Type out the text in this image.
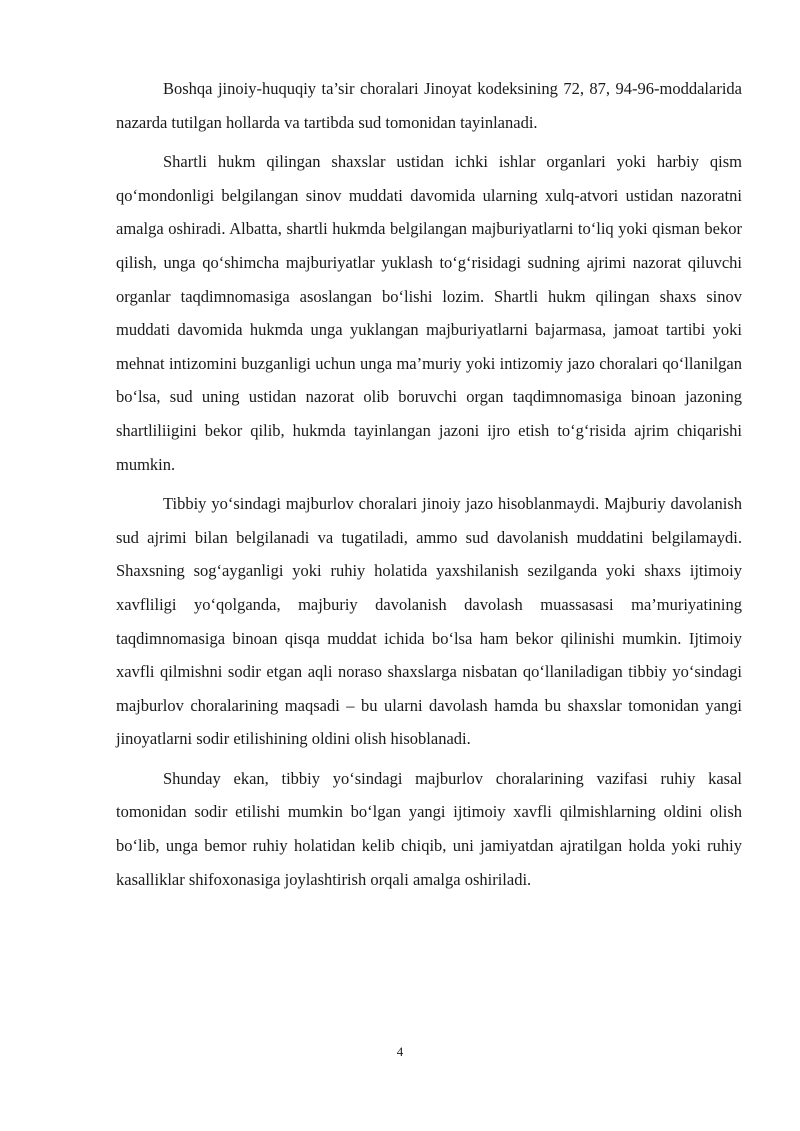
Boshqa jinoiy-huquqiy ta’sir choralari Jinoyat kodeksining 72, 87, 94-96-moddalarida nazarda tutilgan hollarda va tartibda sud tomonidan tayinlanadi.

Shartli hukm qilingan shaxslar ustidan ichki ishlar organlari yoki harbiy qism qo‘mondonligi belgilangan sinov muddati davomida ularning xulq-atvori ustidan nazoratni amalga oshiradi. Albatta, shartli hukmda belgilangan majburiyatlarni to‘liq yoki qisman bekor qilish, unga qo‘shimcha majburiyatlar yuklash to‘g‘risidagi sudning ajrimi nazorat qiluvchi organlar taqdimnomasiga asoslangan bo‘lishi lozim. Shartli hukm qilingan shaxs sinov muddati davomida hukmda unga yuklangan majburiyatlarni bajarmasa, jamoat tartibi yoki mehnat intizomini buzganligi uchun unga ma’muriy yoki intizomiy jazo choralari qo‘llanilgan bo‘lsa, sud uning ustidan nazorat olib boruvchi organ taqdimnomasiga binoan jazoning shartliliigini bekor qilib, hukmda tayinlangan jazoni ijro etish to‘g‘risida ajrim chiqarishi mumkin.

Tibbiy yo‘sindagi majburlov choralari jinoiy jazo hisoblanmaydi. Majburiy davolanish sud ajrimi bilan belgilanadi va tugatiladi, ammo sud davolanish muddatini belgilamaydi. Shaxsning sog‘ayganligi yoki ruhiy holatida yaxshilanish sezilganda yoki shaxs ijtimoiy xavfliligi yo‘qolganda, majburiy davolanish davolash muassasasi ma’muriyatining taqdimnomasiga binoan qisqa muddat ichida bo‘lsa ham bekor qilinishi mumkin. Ijtimoiy xavfli qilmishni sodir etgan aqli noraso shaxslarga nisbatan qo‘llaniladigan tibbiy yo‘sindagi majburlov choralarining maqsadi – bu ularni davolash hamda bu shaxslar tomonidan yangi jinoyatlarni sodir etilishining oldini olish hisoblanadi.

Shunday ekan, tibbiy yo‘sindagi majburlov choralarining vazifasi ruhiy kasal tomonidan sodir etilishi mumkin bo‘lgan yangi ijtimoiy xavfli qilmishlarning oldini olish bo‘lib, unga bemor ruhiy holatidan kelib chiqib, uni jamiyatdan ajratilgan holda yoki ruhiy kasalliklar shifoxonasiga joylashtirish orqali amalga oshiriladi.

4
